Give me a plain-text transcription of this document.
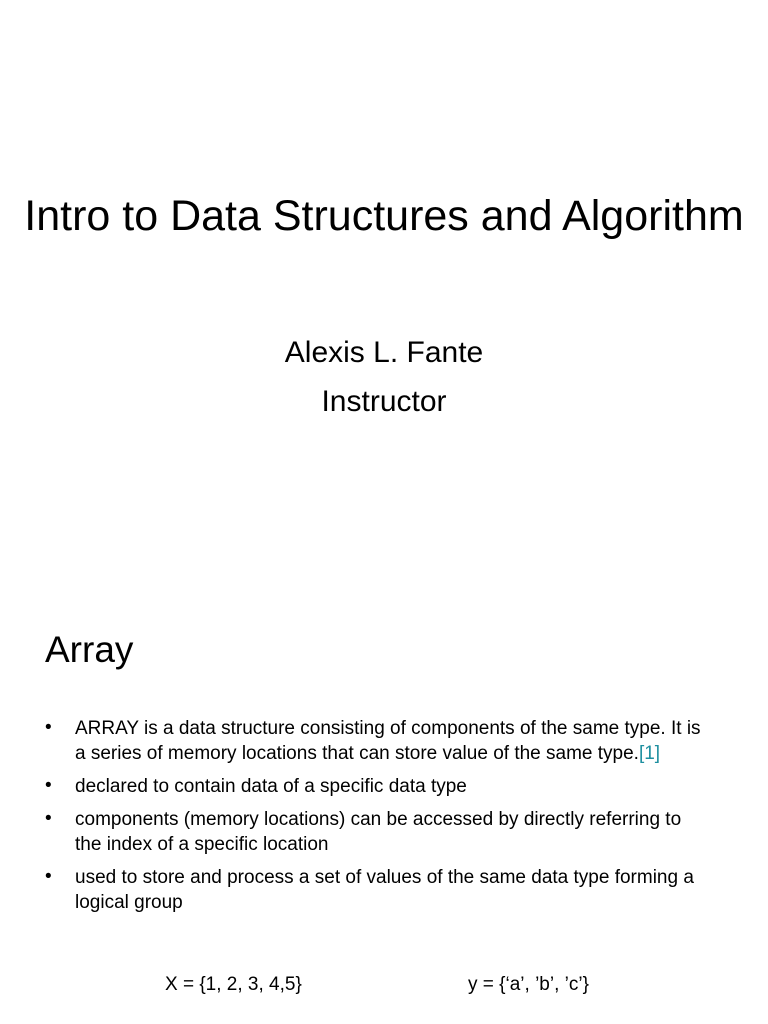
Intro to Data Structures and Algorithm

Alexis L. Fante

Instructor

Array
• ARRAY is a data structure consisting of components of the same type. It is a series of memory locations that can store value of the same type.[1]
• declared to contain data of a specific data type
• components (memory locations) can be accessed by directly referring to the index of a specific location
• used to store and process a set of values of the same data type forming a logical group
X = {1, 2, 3, 4,5}	y = {‘a’, ’b’, ’c’}
